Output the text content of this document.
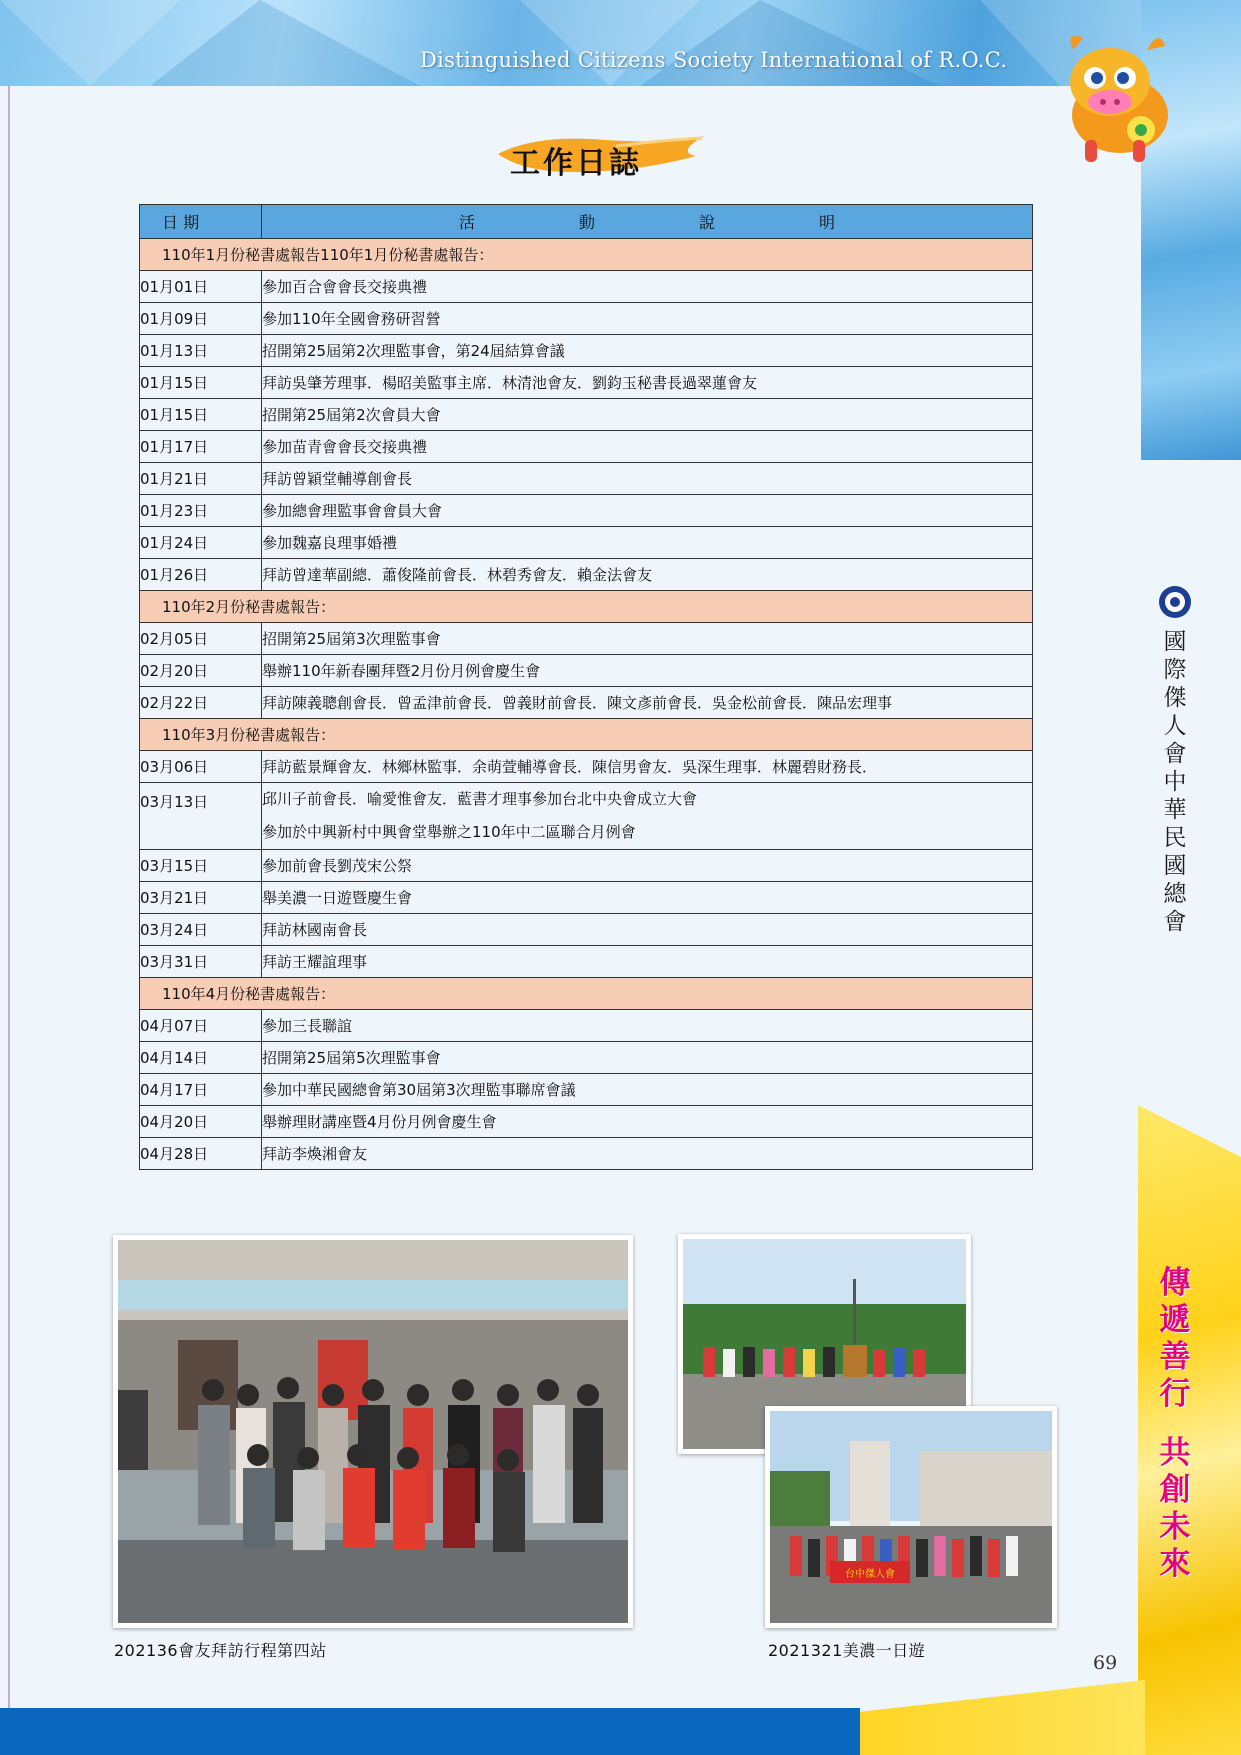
Distinguished Citizens Society International of R.O.C.
國際傑人會中華民國總會
傳遞善行
共創未來
工作日誌
日 期	活 動 說 明
110年1月份秘書處報告110年1月份秘書處報告：	
01月01日	參加百合會會長交接典禮
01月09日	參加110年全國會務研習營
01月13日	招開第25屆第2次理監事會，第24屆結算會議
01月15日	拜訪吳肇芳理事．楊昭美監事主席．林清池會友．劉鈞玉秘書長過翠蓮會友
01月15日	招開第25屆第2次會員大會
01月17日	參加苗青會會長交接典禮
01月21日	拜訪曾穎堂輔導創會長
01月23日	參加總會理監事會會員大會
01月24日	參加魏嘉良理事婚禮
01月26日	拜訪曾達華副總．蕭俊隆前會長．林碧秀會友．賴金法會友
110年2月份秘書處報告：	
02月05日	招開第25屆第3次理監事會
02月20日	舉辦110年新春團拜暨2月份月例會慶生會
02月22日	拜訪陳義聰創會長．曾孟津前會長．曾義財前會長．陳文彥前會長．吳金松前會長．陳品宏理事
110年3月份秘書處報告：	
03月06日	拜訪藍景輝會友．林鄉林監事．余萌萱輔導會長．陳信男會友．吳深生理事．林麗碧財務長．
03月13日	邱川子前會長．喻愛惟會友．藍書才理事參加台北中央會成立大會
參加於中興新村中興會堂舉辦之110年中二區聯合月例會

03月15日	參加前會長劉茂宋公祭
03月21日	舉美濃一日遊暨慶生會
03月24日	拜訪林國南會長
03月31日	拜訪王耀誼理事
110年4月份秘書處報告：	
04月07日	參加三長聯誼
04月14日	招開第25屆第5次理監事會
04月17日	參加中華民國總會第30屆第3次理監事聯席會議
04月20日	舉辦理財講座暨4月份月例會慶生會
04月28日	拜訪李煥湘會友
202136會友拜訪行程第四站
台中傑人會
2021321美濃一日遊
69
